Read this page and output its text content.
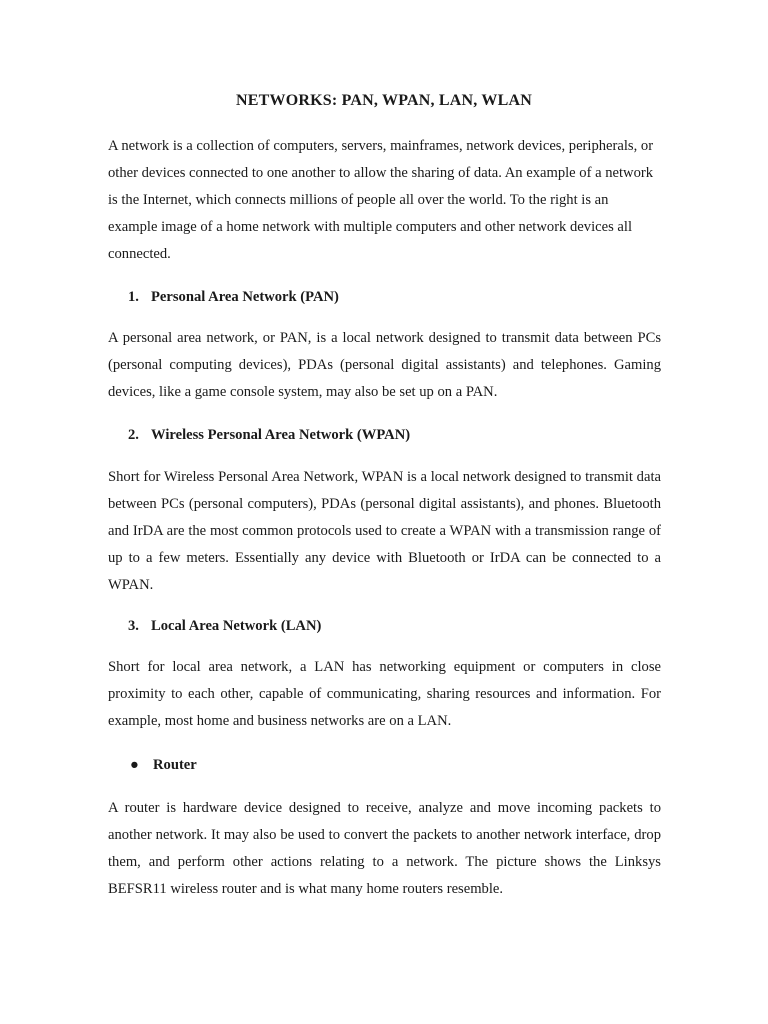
NETWORKS: PAN, WPAN, LAN, WLAN

A network is a collection of computers, servers, mainframes, network devices, peripherals, or other devices connected to one another to allow the sharing of data. An example of a network is the Internet, which connects millions of people all over the world. To the right is an example image of a home network with multiple computers and other network devices all connected.

1. Personal Area Network (PAN)

A personal area network, or PAN, is a local network designed to transmit data between PCs (personal computing devices), PDAs (personal digital assistants) and telephones. Gaming devices, like a game console system, may also be set up on a PAN.

2. Wireless Personal Area Network (WPAN)

Short for Wireless Personal Area Network, WPAN is a local network designed to transmit data between PCs (personal computers), PDAs (personal digital assistants), and phones. Bluetooth and IrDA are the most common protocols used to create a WPAN with a transmission range of up to a few meters. Essentially any device with Bluetooth or IrDA can be connected to a WPAN.

3. Local Area Network (LAN)

Short for local area network, a LAN has networking equipment or computers in close proximity to each other, capable of communicating, sharing resources and information. For example, most home and business networks are on a LAN.

● Router

A router is hardware device designed to receive, analyze and move incoming packets to another network. It may also be used to convert the packets to another network interface, drop them, and perform other actions relating to a network. The picture shows the Linksys BEFSR11 wireless router and is what many home routers resemble.
